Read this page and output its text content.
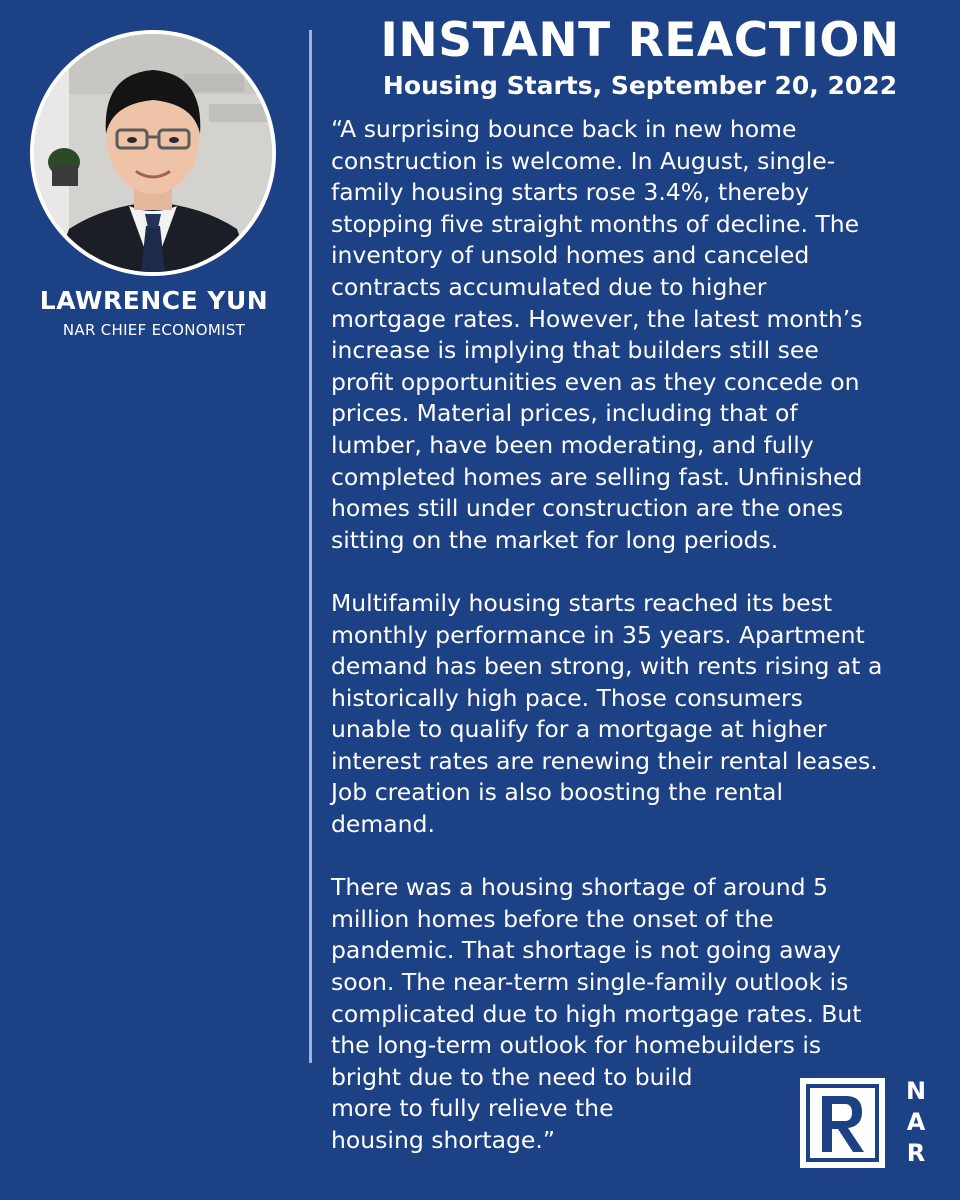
LAWRENCE YUN
NAR CHIEF ECONOMIST
INSTANT REACTION
Housing Starts, September 20, 2022

“A surprising bounce back in new home
construction is welcome. In August, single-
family housing starts rose 3.4%, thereby
stopping five straight months of decline. The
inventory of unsold homes and canceled
contracts accumulated due to higher
mortgage rates. However, the latest month’s
increase is implying that builders still see
profit opportunities even as they concede on
prices. Material prices, including that of
lumber, have been moderating, and fully
completed homes are selling fast. Unfinished
homes still under construction are the ones
sitting on the market for long periods.

Multifamily housing starts reached its best
monthly performance in 35 years. Apartment
demand has been strong, with rents rising at a
historically high pace. Those consumers
unable to qualify for a mortgage at higher
interest rates are renewing their rental leases.
Job creation is also boosting the rental
demand.

There was a housing shortage of around 5
million homes before the onset of the
pandemic. That shortage is not going away
soon. The near-term single-family outlook is
complicated due to high mortgage rates. But
the long-term outlook for homebuilders is
bright due to the need to build
more to fully relieve the
housing shortage.”

N
A
R
